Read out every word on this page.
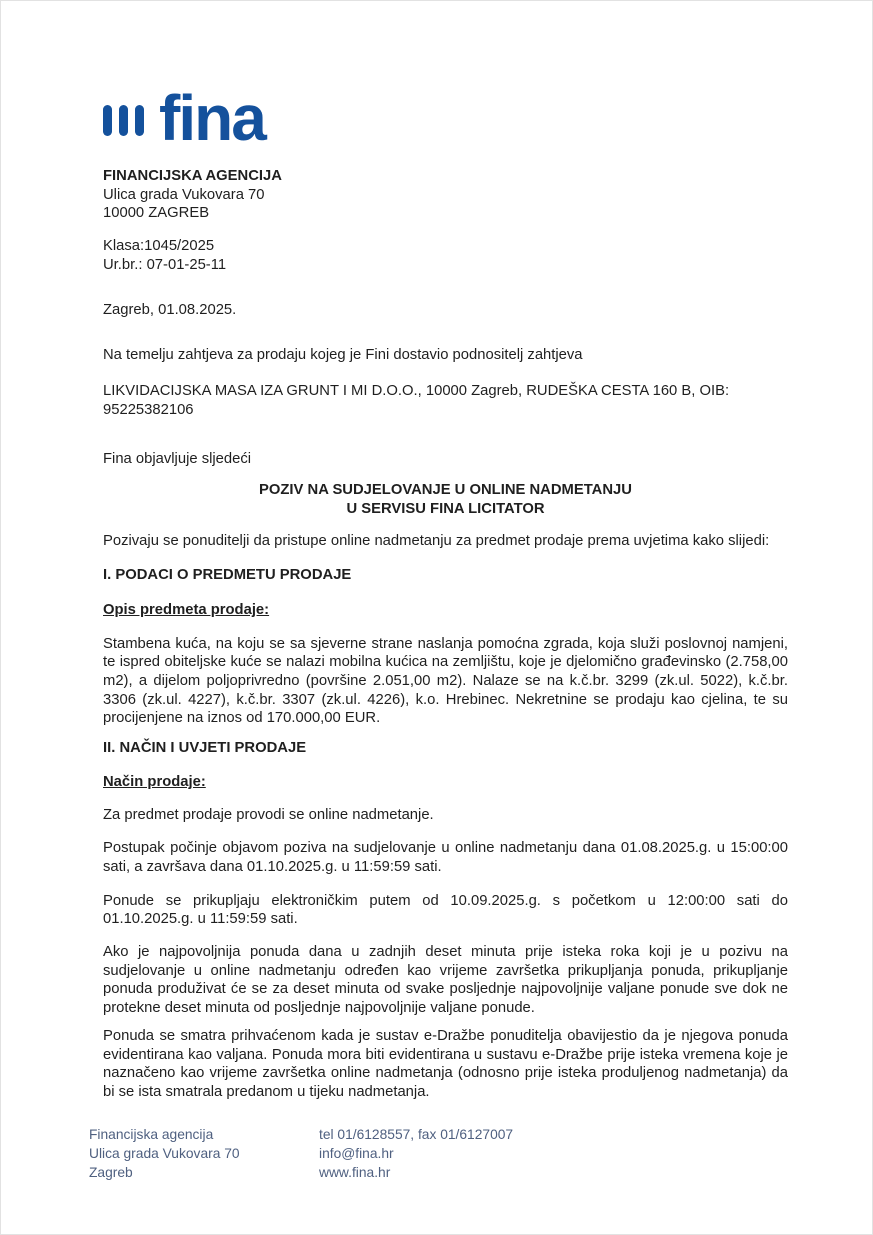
fina
FINANCIJSKA AGENCIJA
Ulica grada Vukovara 70
10000 ZAGREB
Klasa:1045/2025
Ur.br.: 07-01-25-11
Zagreb, 01.08.2025.

Na temelju zahtjeva za prodaju kojeg je Fini dostavio podnositelj zahtjeva

LIKVIDACIJSKA MASA IZA GRUNT I MI D.O.O., 10000 Zagreb, RUDEŠKA CESTA 160 B, OIB: 95225382106

Fina objavljuje sljedeći

POZIV NA SUDJELOVANJE U ONLINE NADMETANJU
U SERVISU FINA LICITATOR

Pozivaju se ponuditelji da pristupe online nadmetanju za predmet prodaje prema uvjetima kako slijedi:

I. PODACI O PREDMETU PRODAJE
Opis predmeta prodaje:

Stambena kuća, na koju se sa sjeverne strane naslanja pomoćna zgrada, koja služi poslovnoj namjeni, te ispred obiteljske kuće se nalazi mobilna kućica na zemljištu, koje je djelomično građevinsko (2.758,00 m2), a dijelom poljoprivredno (površine 2.051,00 m2). Nalaze se na k.č.br. 3299 (zk.ul. 5022), k.č.br. 3306 (zk.ul. 4227), k.č.br. 3307 (zk.ul. 4226), k.o. Hrebinec. Nekretnine se prodaju kao cjelina, te su procijenjene na iznos od 170.000,00 EUR.

II. NAČIN I UVJETI PRODAJE
Način prodaje:

Za predmet prodaje provodi se online nadmetanje.

Postupak počinje objavom poziva na sudjelovanje u online nadmetanju dana 01.08.2025.g. u 15:00:00 sati, a završava dana 01.10.2025.g. u 11:59:59 sati.

Ponude se prikupljaju elektroničkim putem od 10.09.2025.g. s početkom u 12:00:00 sati do 01.10.2025.g. u 11:59:59 sati.

Ako je najpovoljnija ponuda dana u zadnjih deset minuta prije isteka roka koji je u pozivu na sudjelovanje u online nadmetanju određen kao vrijeme završetka prikupljanja ponuda, prikupljanje ponuda produživat će se za deset minuta od svake posljednje najpovoljnije valjane ponude sve dok ne protekne deset minuta od posljednje najpovoljnije valjane ponude.

Ponuda se smatra prihvaćenom kada je sustav e-Dražbe ponuditelja obavijestio da je njegova ponuda evidentirana kao valjana. Ponuda mora biti evidentirana u sustavu e-Dražbe prije isteka vremena koje je naznačeno kao vrijeme završetka online nadmetanja (odnosno prije isteka produljenog nadmetanja) da bi se ista smatrala predanom u tijeku nadmetanja.

Financijska agencija
Ulica grada Vukovara 70
Zagreb
tel 01/6128557, fax 01/6127007
info@fina.hr
www.fina.hr
